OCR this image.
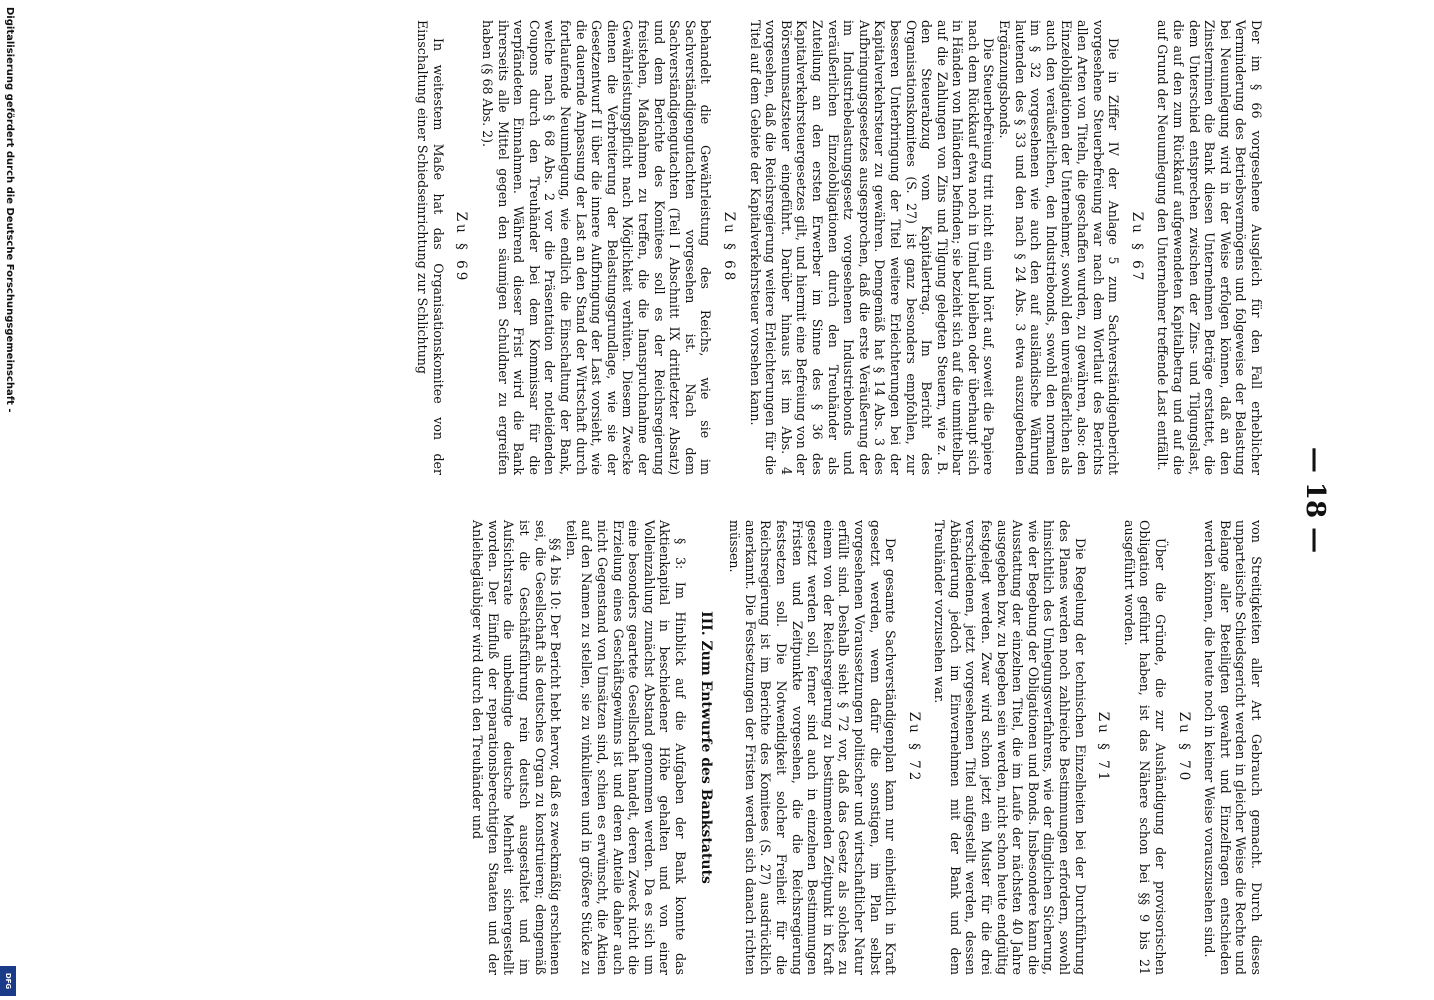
Digitalisierung gefördert durch die Deutsche Forschungsgemeinschaft -
DFG
— 18 —

Der im § 66 vorgesehene Ausgleich für den Fall erheblicher Verminderung des Betriebsvermögens und folgeweise der Belastung bei Neuumlegung wird in der Weise erfolgen können, daß an den Zinsterminen die Bank diesen Unternehmen Beträge erstattet, die dem Unterschied entsprechen zwischen der Zins- und Tilgungslast, die auf den zum Rückkauf aufgewendeten Kapitalbetrag und auf die auf Grund der Neuumlegung den Unternehmer treffende Last entfällt.

Zu § 67

Die in Ziffer IV der Anlage 5 zum Sachverständigenbericht vorgesehene Steuerbefreiung war nach dem Wortlaut des Berichts allen Arten von Titeln, die geschaffen wurden, zu gewähren, also: den Einzelobligationen der Unternehmer, sowohl den unveräußerlichen als auch den veräußerlichen, den Industriebonds, sowohl den normalen im § 32 vorgesehenen wie auch den auf ausländische Währung lautenden des § 33 und den nach § 24 Abs. 3 etwa auszugebenden Ergänzungsbonds.

Die Steuerbefreiung tritt nicht ein und hört auf, soweit die Papiere nach dem Rückkauf etwa noch in Umlauf bleiben oder überhaupt sich in Händen von Inländern befinden; sie bezieht sich auf die unmittelbar auf die Zahlungen von Zins und Tilgung gelegten Steuern, wie z. B. den Steuerabzug vom Kapitalertrag. Im Bericht des Organisationskomitees (S. 27) ist ganz besonders empfohlen, zur besseren Unterbringung der Titel weitere Erleichterungen bei der Kapitalverkehrsteuer zu gewähren. Demgemäß hat § 14 Abs. 3 des Aufbringungsgesetzes ausgesprochen, daß die erste Veräußerung der im Industriebelastungsgesetz vorgesehenen Industriebonds und veräußerlichen Einzelobligationen durch den Treuhänder als Zuteilung an den ersten Erwerber im Sinne des § 36 des Kapitalverkehrsteuergesetzes gilt, und hiermit eine Befreiung von der Börsenumsatzsteuer eingeführt. Darüber hinaus ist im Abs. 4 vorgesehen, daß die Reichsregierung weitere Erleichterungen für die Titel auf dem Gebiete der Kapitalverkehrsteuer vorsehen kann.

Zu § 68

behandelt die Gewährleistung des Reichs, wie sie im Sachverständigengutachten vorgesehen ist. Nach dem Sachverständigengutachten (Teil I Abschnitt IX drittletzter Absatz) und dem Berichte des Komitees soll es der Reichsregierung freistehen, Maßnahmen zu treffen, die die Inanspruchnahme der Gewährleistungspflicht nach Möglichkeit verhüten. Diesem Zwecke dienen die Verbreiterung der Belastungsgrundlage, wie sie der Gesetzentwurf II über die innere Aufbringung der Last vorsieht, wie die dauernde Anpassung der Last an den Stand der Wirtschaft durch fortlaufende Neuumlegung, wie endlich die Einschaltung der Bank, welche nach § 68 Abs. 2 vor die Präsentation der notleidenden Coupons durch den Treuhänder bei dem Kommissar für die verpfändeten Einnahmen. Während dieser Frist wird die Bank ihrerseits alle Mittel gegen den säumigen Schuldner zu ergreifen haben (§ 68 Abs. 2).

Zu § 69

In weitestem Maße hat das Organisationskomitee von der Einschaltung einer Schiedseinrichtung zur Schlichtung

von Streitigkeiten aller Art Gebrauch gemacht. Durch dieses unparteiische Schiedsgericht werden in gleicher Weise die Rechte und Belange aller Beteiligten gewahrt und Einzelfragen entschieden werden können, die heute noch in keiner Weise vorauszusehen sind.

Zu § 70

Über die Gründe, die zur Aushändigung der provisorischen Obligation geführt haben, ist das Nähere schon bei §§ 9 bis 21 ausgeführt worden.

Zu § 71

Die Regelung der technischen Einzelheiten bei der Durchführung des Planes werden noch zahlreiche Bestimmungen erfordern, sowohl hinsichtlich des Umlegungsverfahrens, wie der dinglichen Sicherung, wie der Begebung der Obligationen und Bonds. Insbesondere kann die Ausstattung der einzelnen Titel, die im Laufe der nächsten 40 Jahre ausgegeben bzw. zu begeben sein werden, nicht schon heute endgültig festgelegt werden. Zwar wird schon jetzt ein Muster für die drei verschiedenen, jetzt vorgesehenen Titel aufgestellt werden, dessen Abänderung jedoch im Einvernehmen mit der Bank und dem Treuhänder vorzusehen war.

Zu § 72

Der gesamte Sachverständigenplan kann nur einheitlich in Kraft gesetzt werden, wenn dafür die sonstigen, im Plan selbst vorgesehenen Voraussetzungen politischer und wirtschaftlicher Natur erfüllt sind. Deshalb sieht § 72 vor, daß das Gesetz als solches zu einem von der Reichsregierung zu bestimmenden Zeitpunkt in Kraft gesetzt werden soll, ferner sind auch in einzelnen Bestimmungen Fristen und Zeitpunkte vorgesehen, die die Reichsregierung festsetzen soll. Die Notwendigkeit solcher Freiheit für die Reichsregierung ist im Berichte des Komitees (S. 27) ausdrücklich anerkannt. Die Festsetzungen der Fristen werden sich danach richten müssen.

III. Zum Entwurfe des Bankstatuts

§ 3: Im Hinblick auf die Aufgaben der Bank konnte das Aktienkapital in beschiedener Höhe gehalten und von einer Volleinzahlung zunächst Abstand genommen werden. Da es sich um eine besonders geartete Gesellschaft handelt, deren Zweck nicht die Erzielung eines Geschäftsgewinns ist und deren Anteile daher auch nicht Gegenstand von Umsätzen sind, schien es erwünscht, die Aktien auf den Namen zu stellen, sie zu vinkulieren und in größere Stücke zu teilen.

§§ 4 bis 10: Der Bericht hebt hervor, daß es zweckmäßig erschienen sei, die Gesellschaft als deutsches Organ zu konstruieren; demgemäß ist die Geschäftsführung rein deutsch ausgestaltet und im Aufsichtsrate die unbedingte deutsche Mehrheit sichergestellt worden. Der Einfluß der reparationsberechtigten Staaten und der Anleihegläubiger wird durch den Treuhänder und
